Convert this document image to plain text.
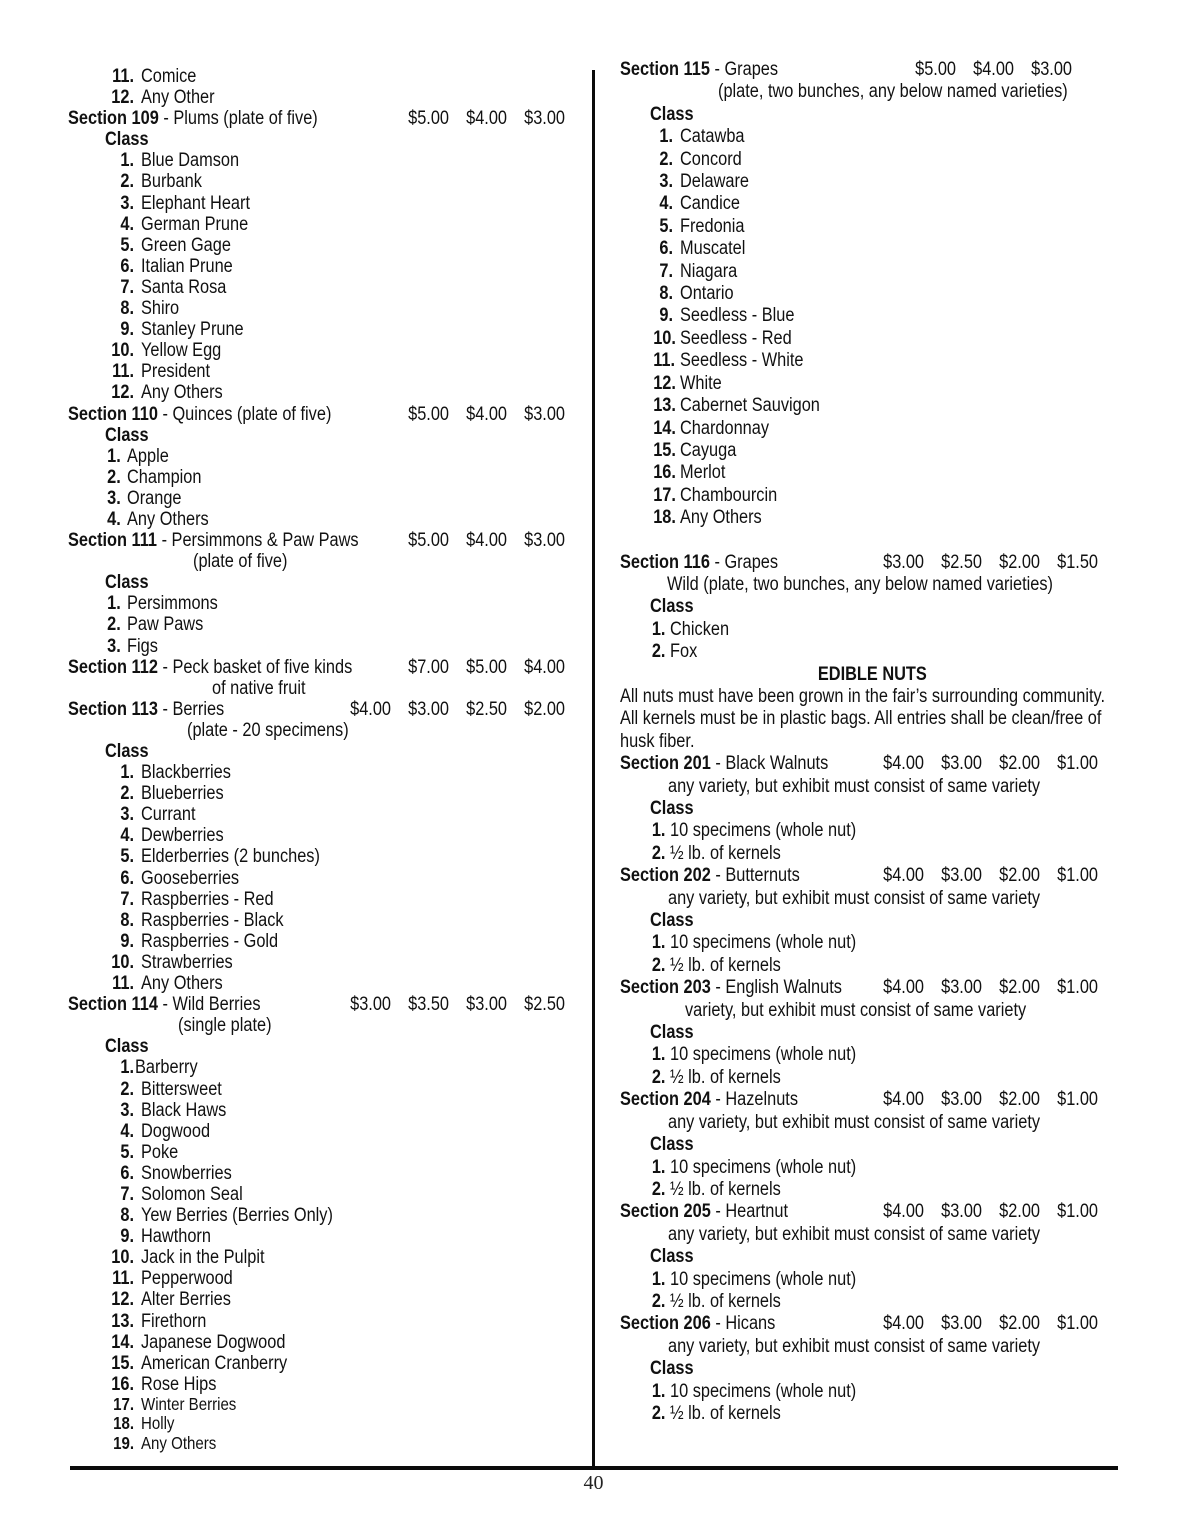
11. Comice
12. Any Other
Section 109 - Plums (plate of five)	$5.00 $4.00 $3.00
Class
1. Blue Damson
2. Burbank
3. Elephant Heart
4. German Prune
5. Green Gage
6. Italian Prune
7. Santa Rosa
8. Shiro
9. Stanley Prune
10. Yellow Egg
11. President
12. Any Others
Section 110 - Quinces (plate of five)	$5.00 $4.00 $3.00
Class
1. Apple
2. Champion
3. Orange
4. Any Others
Section 111 - Persimmons & Paw Paws	$5.00 $4.00 $3.00
(plate of five)
Class
1. Persimmons
2. Paw Paws
3. Figs
Section 112 - Peck basket of five kinds	$7.00 $5.00 $4.00
of native fruit
Section 113 - Berries	$4.00 $3.00 $2.50 $2.00
(plate - 20 specimens)
Class
1. Blackberries
2. Blueberries
3. Currant
4. Dewberries
5. Elderberries (2 bunches)
6. Gooseberries
7. Raspberries - Red
8. Raspberries - Black
9. Raspberries - Gold
10. Strawberries
11. Any Others
Section 114 - Wild Berries	$3.00 $3.50 $3.00 $2.50
(single plate)
Class
1.Barberry
2. Bittersweet
3. Black Haws
4. Dogwood
5. Poke
6. Snowberries
7. Solomon Seal
8. Yew Berries (Berries Only)
9. Hawthorn
10. Jack in the Pulpit
11. Pepperwood
12. Alter Berries
13. Firethorn
14. Japanese Dogwood
15. American Cranberry
16. Rose Hips
17. Winter Berries
18. Holly
19. Any Others
Section 115 - Grapes	$5.00 $4.00 $3.00
(plate, two bunches, any below named varieties)
Class
1. Catawba
2. Concord
3. Delaware
4. Candice
5. Fredonia
6. Muscatel
7. Niagara
8. Ontario
9. Seedless - Blue
10. Seedless - Red
11. Seedless - White
12. White
13. Cabernet Sauvigon
14. Chardonnay
15. Cayuga
16. Merlot
17. Chambourcin
18. Any Others
Section 116 - Grapes	$3.00 $2.50 $2.00 $1.50
Wild (plate, two bunches, any below named varieties)
Class
1. Chicken
2. Fox
EDIBLE NUTS
All nuts must have been grown in the fair’s surrounding community.
All kernels must be in plastic bags. All entries shall be clean/free of
husk fiber.
Section 201 - Black Walnuts	$4.00 $3.00 $2.00 $1.00
any variety, but exhibit must consist of same variety
Class
1. 10 specimens (whole nut)
2. ½ lb. of kernels
Section 202 - Butternuts	$4.00 $3.00 $2.00 $1.00
any variety, but exhibit must consist of same variety
Class
1. 10 specimens (whole nut)
2. ½ lb. of kernels
Section 203 - English Walnuts	$4.00 $3.00 $2.00 $1.00
variety, but exhibit must consist of same variety
Class
1. 10 specimens (whole nut)
2. ½ lb. of kernels
Section 204 - Hazelnuts	$4.00 $3.00 $2.00 $1.00
any variety, but exhibit must consist of same variety
Class
1. 10 specimens (whole nut)
2. ½ lb. of kernels
Section 205 - Heartnut	$4.00 $3.00 $2.00 $1.00
any variety, but exhibit must consist of same variety
Class
1. 10 specimens (whole nut)
2. ½ lb. of kernels
Section 206 - Hicans	$4.00 $3.00 $2.00 $1.00
any variety, but exhibit must consist of same variety
Class
1. 10 specimens (whole nut)
2. ½ lb. of kernels
40
